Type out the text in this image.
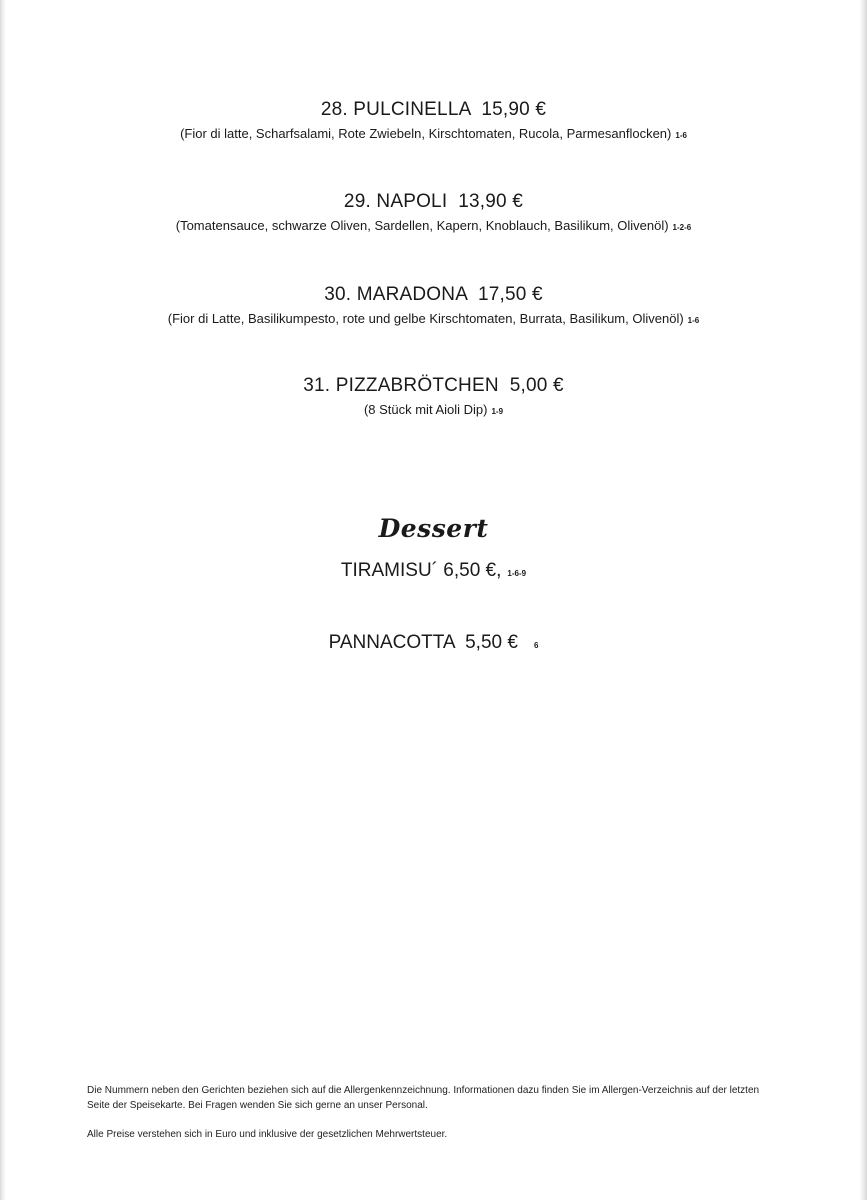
28. PULCINELLA  15,90 €
(Fior di latte, Scharfsalami, Rote Zwiebeln, Kirschtomaten, Rucola, Parmesanflocken) 1-6
29. NAPOLI  13,90 €
(Tomatensauce, schwarze Oliven, Sardellen, Kapern, Knoblauch, Basilikum, Olivenöl) 1-2-6
30. MARADONA  17,50 €
(Fior di Latte, Basilikumpesto, rote und gelbe Kirschtomaten, Burrata, Basilikum, Olivenöl) 1-6
31. PIZZABRÖTCHEN  5,00 €
(8 Stück mit Aioli Dip) 1-9
Dessert
TIRAMISU´ 6,50 €, 1-6-9
PANNACOTTA  5,50 € 6
Die Nummern neben den Gerichten beziehen sich auf die Allergenkennzeichnung. Informationen dazu finden Sie im Allergen-Verzeichnis auf der letzten Seite der Speisekarte. Bei Fragen wenden Sie sich gerne an unser Personal.
Alle Preise verstehen sich in Euro und inklusive der gesetzlichen Mehrwertsteuer.
